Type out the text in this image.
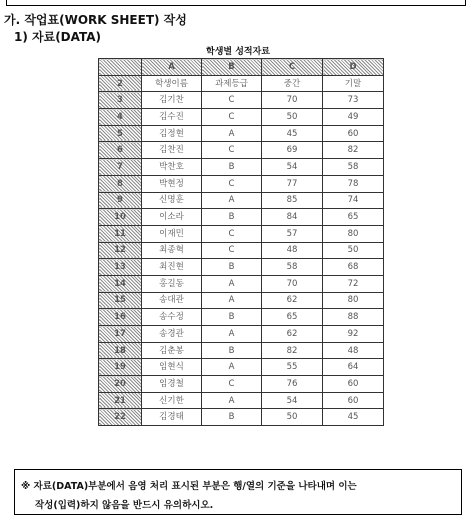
가. 작업표(WORK SHEET) 작성
1) 자료(DATA)
학생별 성적자료
	A	B	C	D
2	학생이름	과제등급	중간	기말
3	김기찬	C	70	73
4	김수진	C	50	49
5	김정현	A	45	60
6	김찬진	C	69	82
7	박찬호	B	54	58
8	박현정	C	77	78
9	신명훈	A	85	74
10	이소라	B	84	65
11	이재민	C	57	80
12	최종혁	C	48	50
13	최진현	B	58	68
14	홍길동	A	70	72
15	송대관	A	62	80
16	송수정	B	65	88
17	송경관	A	62	92
18	김춘봉	B	82	48
19	임현식	A	55	64
20	임경철	C	76	60
21	신기한	A	54	60
22	김경태	B	50	45
※ 자료(DATA)부분에서 음영 처리 표시된 부분은 행/열의 기준을 나타내며 이는
작성(입력)하지 않음을 반드시 유의하시오.
